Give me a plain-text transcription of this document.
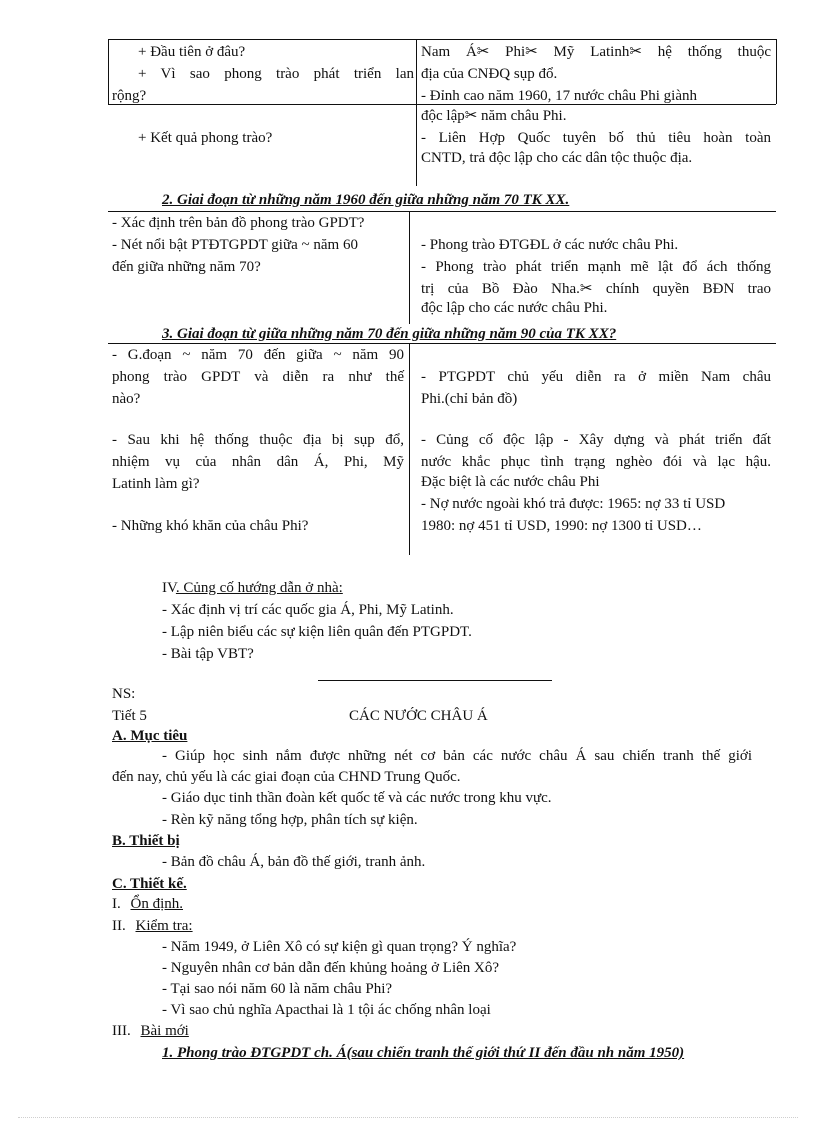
+ Đầu tiên ở đâu?
+ Vì sao phong trào phát triển lan
rộng?
+ Kết quả phong trào?
Nam Á✂ Phi✂ Mỹ Latinh✂ hệ thống thuộc
địa của CNĐQ sụp đổ.
- Đỉnh cao năm 1960, 17 nước châu Phi giành
độc lập✂ năm châu Phi.
- Liên Hợp Quốc tuyên bố thủ tiêu hoàn toàn
CNTD, trả độc lập cho các dân tộc thuộc địa.
2. Giai đoạn từ những năm 1960 đến giữa những năm 70 TK XX.
- Xác định trên bản đồ phong trào GPDT?
- Nét nổi bật PTĐTGPDT giữa ~ năm 60
đến giữa những năm 70?
- Phong trào ĐTGĐL ở các nước châu Phi.
- Phong trào phát triển mạnh mẽ lật đổ ách thống
trị của Bồ Đào Nha.✂ chính quyền BĐN trao
độc lập cho các nước châu Phi.
3. Giai đoạn từ giữa những năm 70 đến giữa những năm 90 của TK XX?
- G.đoạn ~ năm 70 đến giữa ~ năm 90
phong trào GPDT và diễn ra như thế
nào?
- Sau khi hệ thống thuộc địa bị sụp đổ,
nhiệm vụ của nhân dân Á, Phi, Mỹ
Latinh làm gì?
- Những khó khăn của châu Phi?
- PTGPDT chủ yếu diễn ra ở miền Nam châu
Phi.(chỉ bản đồ)
- Củng cố độc lập - Xây dựng và phát triển đất
nước khắc phục tình trạng nghèo đói và lạc hậu.
Đặc biệt là các nước châu Phi
- Nợ nước ngoài khó trả được: 1965: nợ 33 tỉ USD
1980: nợ 451 tỉ USD, 1990: nợ 1300 tỉ USD…
IV. Củng cố hướng dẫn ở nhà:
- Xác định vị trí các quốc gia Á, Phi, Mỹ Latinh.
- Lập niên biểu các sự kiện liên quân đến PTGPDT.
- Bài tập VBT?
NS:
Tiết 5	CÁC NƯỚC CHÂU Á
A. Mục tiêu
- Giúp học sinh nắm được những nét cơ bản các nước châu Á sau chiến tranh thế giới
đến nay, chủ yếu là các giai đoạn của CHND Trung Quốc.
- Giáo dục tinh thần đoàn kết quốc tế và các nước trong khu vực.
- Rèn kỹ năng tổng hợp, phân tích sự kiện.
B. Thiết bị
- Bản đồ châu Á, bản đồ thế giới, tranh ảnh.
C. Thiết kế.
I. Ổn định.
II. Kiểm tra:
- Năm 1949, ở Liên Xô có sự kiện gì quan trọng? Ý nghĩa?
- Nguyên nhân cơ bản dẫn đến khủng hoảng ở Liên Xô?
- Tại sao nói năm 60 là năm châu Phi?
- Vì sao chủ nghĩa Apacthai là 1 tội ác chống nhân loại
III. Bài mới
1. Phong trào ĐTGPDT ch. Á(sau chiến tranh thế giới thứ II đến đầu nh năm 1950)
